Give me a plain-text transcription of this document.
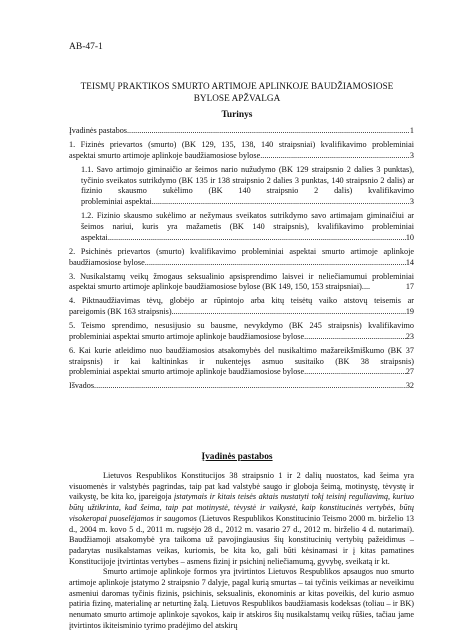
AB-47-1
TEISMŲ PRAKTIKOS SMURTO ARTIMOJE APLINKOJE BAUDŽIAMOSIOSE
BYLOSE APŽVALGA
Turinys
Įvadinės pastabos .....	1
1. Fizinės prievartos (smurto) (BK 129, 135, 138, 140 straipsniai) kvalifikavimo probleminiai
aspektai smurto artimoje aplinkoje baudžiamosiose bylose .....	3
1.1. Savo artimojo giminaičio ar šeimos nario nužudymo (BK 129 straipsnio 2 dalies 3 punktas), tyčinio sveikatos sutrikdymo (BK 135 ir 138 straipsnio 2 dalies 3 punktas, 140 straipsnio 2 dalis) ar fizinio skausmo sukėlimo (BK 140 straipsnio 2 dalis) kvalifikavimo
probleminiai aspektai .....	3
1.2. Fizinio skausmo sukėlimo ar nežymaus sveikatos sutrikdymo savo artimajam giminaičiui ar šeimos nariui, kuris yra mažametis (BK 140 straipsnis), kvalifikavimo probleminiai
aspektai .....	10
2. Psichinės prievartos (smurto) kvalifikavimo probleminiai aspektai smurto artimoje aplinkoje
baudžiamosiose bylose .....	14
3. Nusikalstamų veikų žmogaus seksualinio apsisprendimo laisvei ir neliečiamumui probleminiai aspektai smurto artimoje aplinkoje baudžiamosiose bylose (BK 149, 150, 153 straipsniai)....	17
4. Piktnaudžiavimas tėvų, globėjo ar rūpintojo arba kitų teisėtų vaiko atstovų teisemis ar
pareigomis (BK 163 straipsnis) .....	19
5. Teismo sprendimo, nesusijusio su bausme, nevykdymo (BK 245 straipsnis) kvalifikavimo
probleminiai aspektai smurto artimoje aplinkoje baudžiamosiose bylose .....	23
6. Kai kurie atleidimo nuo baudžiamosios atsakomybės del nusikaltimo mažareikšmiškumo (BK 37 straipsnis) ir kai kaltininkas ir nukentejęs asmuo susitaiko (BK 38 straipsnis)
probleminiai aspektai smurto artimoje aplinkoje baudžiamosiose bylose .....	27
Išvados .....	32
Įvadinės pastabos

Lietuvos Respublikos Konstitucijos 38 straipsnio 1 ir 2 dalių nuostatos, kad šeima yra visuomenės ir valstybės pagrindas, taip pat kad valstybė saugo ir globoja šeimą, motinystę, tėvystę ir vaikystę, be kita ko, įpareigoja įstatymais ir kitais teisės aktais nustatyti tokį teisinį reguliavimą, kuriuo būtų užtikrinta, kad šeima, taip pat motinystė, tėvystė ir vaikystė, kaip konstitucinės vertybės, būtų visokeropai puoselėjamos ir saugomos (Lietuvos Respublikos Konstitucinio Teismo 2000 m. birželio 13 d., 2004 m. kovo 5 d., 2011 m. rugsėjo 28 d., 2012 m. vasario 27 d., 2012 m. birželio 4 d. nutarimai). Baudžiamoji atsakomybė yra taikoma už pavojingiausius šių konstitucinių vertybių pažeidimus – padarytas nusikalstamas veikas, kuriomis, be kita ko, gali būti kėsinamasi ir į kitas pamatines Konstitucijoje įtvirtintas vertybes – asmens fizinį ir psichinį neliečiamumą, gyvybę, sveikatą ir kt.

Smurto artimoje aplinkoje formos yra įtvirtintos Lietuvos Respublikos apsaugos nuo smurto artimoje aplinkoje įstatymo 2 straipsnio 7 dalyje, pagal kurią smurtas – tai tyčinis veikimas ar neveikimu asmeniui daromas tyčinis fizinis, psichinis, seksualinis, ekonominis ar kitas poveikis, del kurio asmuo patiria fizinę, materialinę ar neturtinę žalą. Lietuvos Respublikos baudžiamasis kodeksas (toliau – ir BK) nenumato smurto artimoje aplinkoje sąvokos, kaip ir atskiros šių nusikalstamų veikų rūšies, tačiau jame įtvirtintos ikiteisminio tyrimo pradėjimo del atskirų
